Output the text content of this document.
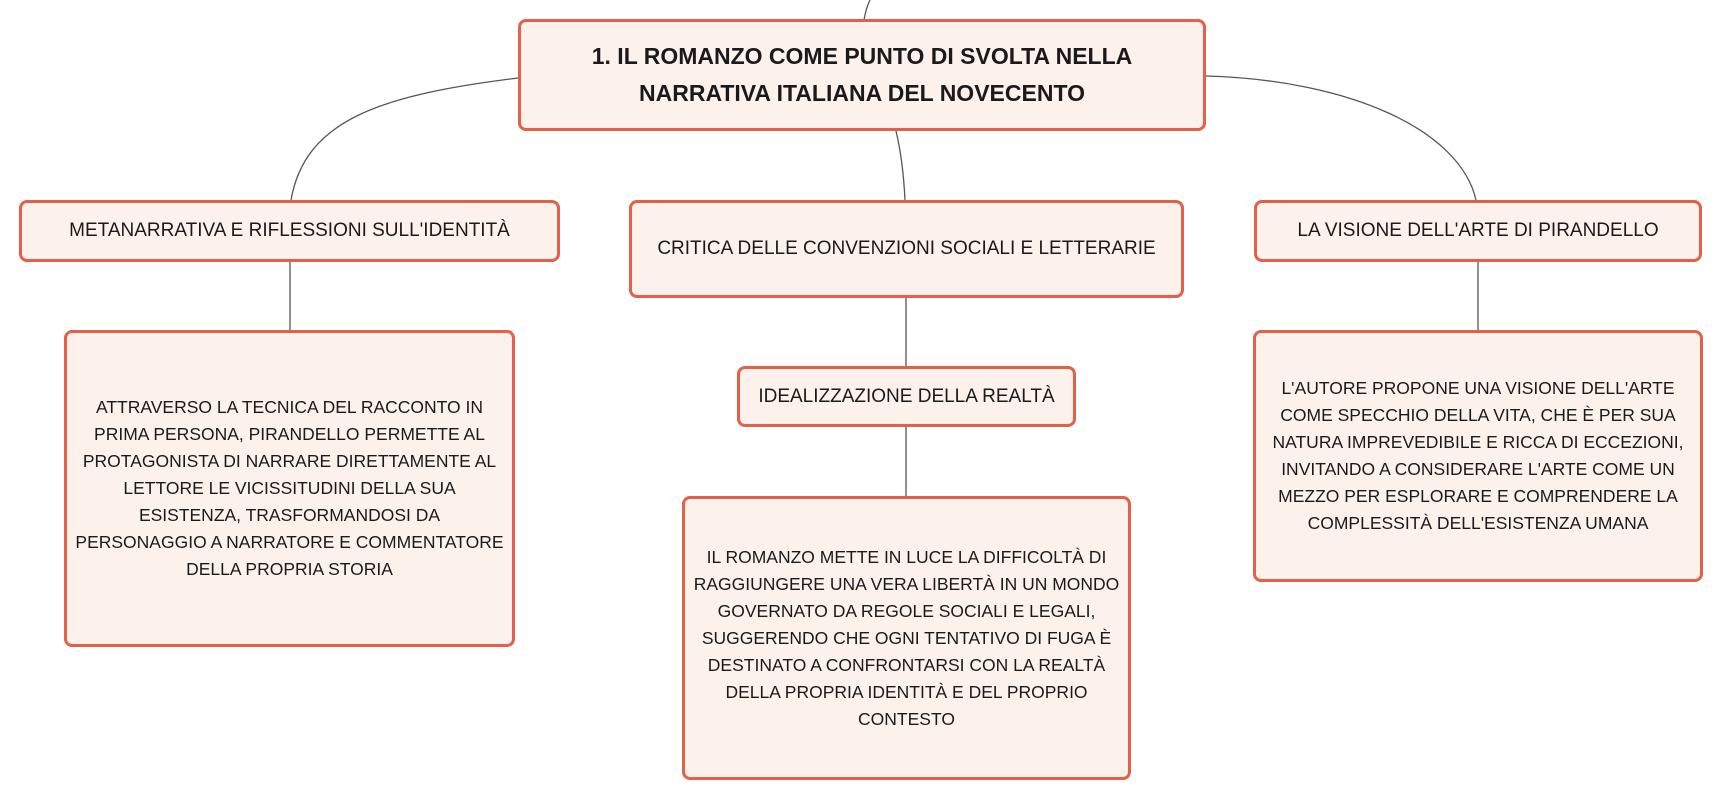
1. IL ROMANZO COME PUNTO DI SVOLTA NELLA NARRATIVA ITALIANA DEL NOVECENTO
METANARRATIVA E RIFLESSIONI SULL'IDENTITÀ
CRITICA DELLE CONVENZIONI SOCIALI E LETTERARIE
LA VISIONE DELL'ARTE DI PIRANDELLO
ATTRAVERSO LA TECNICA DEL RACCONTO IN PRIMA PERSONA, PIRANDELLO PERMETTE AL PROTAGONISTA DI NARRARE DIRETTAMENTE AL LETTORE LE VICISSITUDINI DELLA SUA ESISTENZA, TRASFORMANDOSI DA PERSONAGGIO A NARRATORE E COMMENTATORE DELLA PROPRIA STORIA
IDEALIZZAZIONE DELLA REALTÀ
IL ROMANZO METTE IN LUCE LA DIFFICOLTÀ DI RAGGIUNGERE UNA VERA LIBERTÀ IN UN MONDO GOVERNATO DA REGOLE SOCIALI E LEGALI, SUGGERENDO CHE OGNI TENTATIVO DI FUGA È DESTINATO A CONFRONTARSI CON LA REALTÀ DELLA PROPRIA IDENTITÀ E DEL PROPRIO CONTESTO
L'AUTORE PROPONE UNA VISIONE DELL'ARTE COME SPECCHIO DELLA VITA, CHE È PER SUA NATURA IMPREVEDIBILE E RICCA DI ECCEZIONI, INVITANDO A CONSIDERARE L'ARTE COME UN MEZZO PER ESPLORARE E COMPRENDERE LA COMPLESSITÀ DELL'ESISTENZA UMANA
